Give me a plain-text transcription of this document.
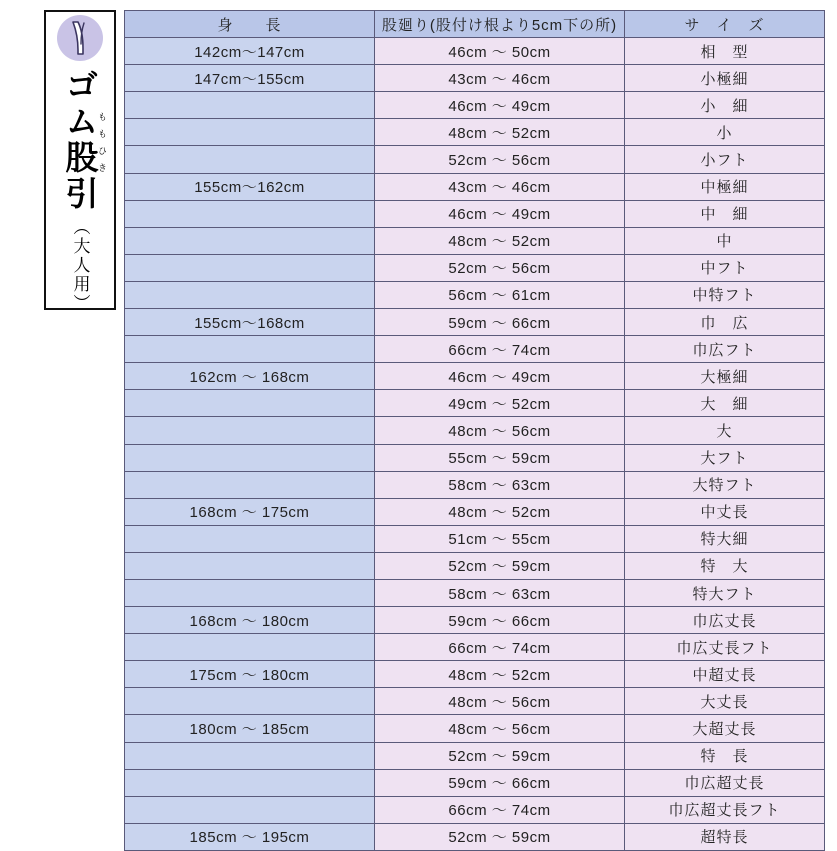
ゴム股引
（大人用）
ももひき
身　　長	股廻り(股付け根より5cm下の所)	サ　イ　ズ
142cm〜147cm	46cm ～ 50cm	相　型
147cm〜155cm	43cm ～ 46cm	小極細
	46cm ～ 49cm	小　細
	48cm ～ 52cm	小
	52cm ～ 56cm	小フト
155cm〜162cm	43cm ～ 46cm	中極細
	46cm ～ 49cm	中　細
	48cm ～ 52cm	中
	52cm ～ 56cm	中フト
	56cm ～ 61cm	中特フト
155cm〜168cm	59cm ～ 66cm	巾　広
	66cm ～ 74cm	巾広フト
162cm ～ 168cm	46cm ～ 49cm	大極細
	49cm ～ 52cm	大　細
	48cm ～ 56cm	大
	55cm ～ 59cm	大フト
	58cm ～ 63cm	大特フト
168cm ～ 175cm	48cm ～ 52cm	中丈長
	51cm ～ 55cm	特大細
	52cm ～ 59cm	特　大
	58cm ～ 63cm	特大フト
168cm ～ 180cm	59cm ～ 66cm	巾広丈長
	66cm ～ 74cm	巾広丈長フト
175cm ～ 180cm	48cm ～ 52cm	中超丈長
	48cm ～ 56cm	大丈長
180cm ～ 185cm	48cm ～ 56cm	大超丈長
	52cm ～ 59cm	特　長
	59cm ～ 66cm	巾広超丈長
	66cm ～ 74cm	巾広超丈長フト
185cm ～ 195cm	52cm ～ 59cm	超特長
